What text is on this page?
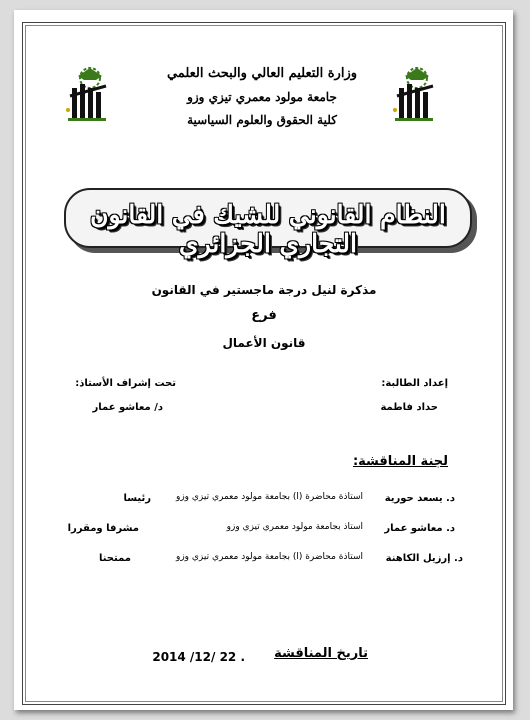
وزارة التعليم العالي والبحث العلمي
جامعة مولود معمري تيزي وزو
كلية الحقوق والعلوم السياسية
النظام القانوني للشيك في القانون التجاري الجزائري
مذكرة لنيل درجة ماجستير في القانون
فرع
قانون الأعمال
إعداد الطالبة:
حداد فاطمة
تحت إشراف الأستاذ:
د/ معاشو عمار
لجنة المناقشة:
د. يسعد حورية
أستاذة محاضرة (أ) بجامعة مولود معمري تيزي وزو
رئيسا
د. معاشو عمار
أستاذ بجامعة مولود معمري تيزي وزو
مشرفا ومقررا
د. إرزيل الكاهنة
أستاذة محاضرة (أ) بجامعة مولود معمري تيزي وزو
ممتحنا
تاريخ المناقشة
2014 /12/ 22 .
